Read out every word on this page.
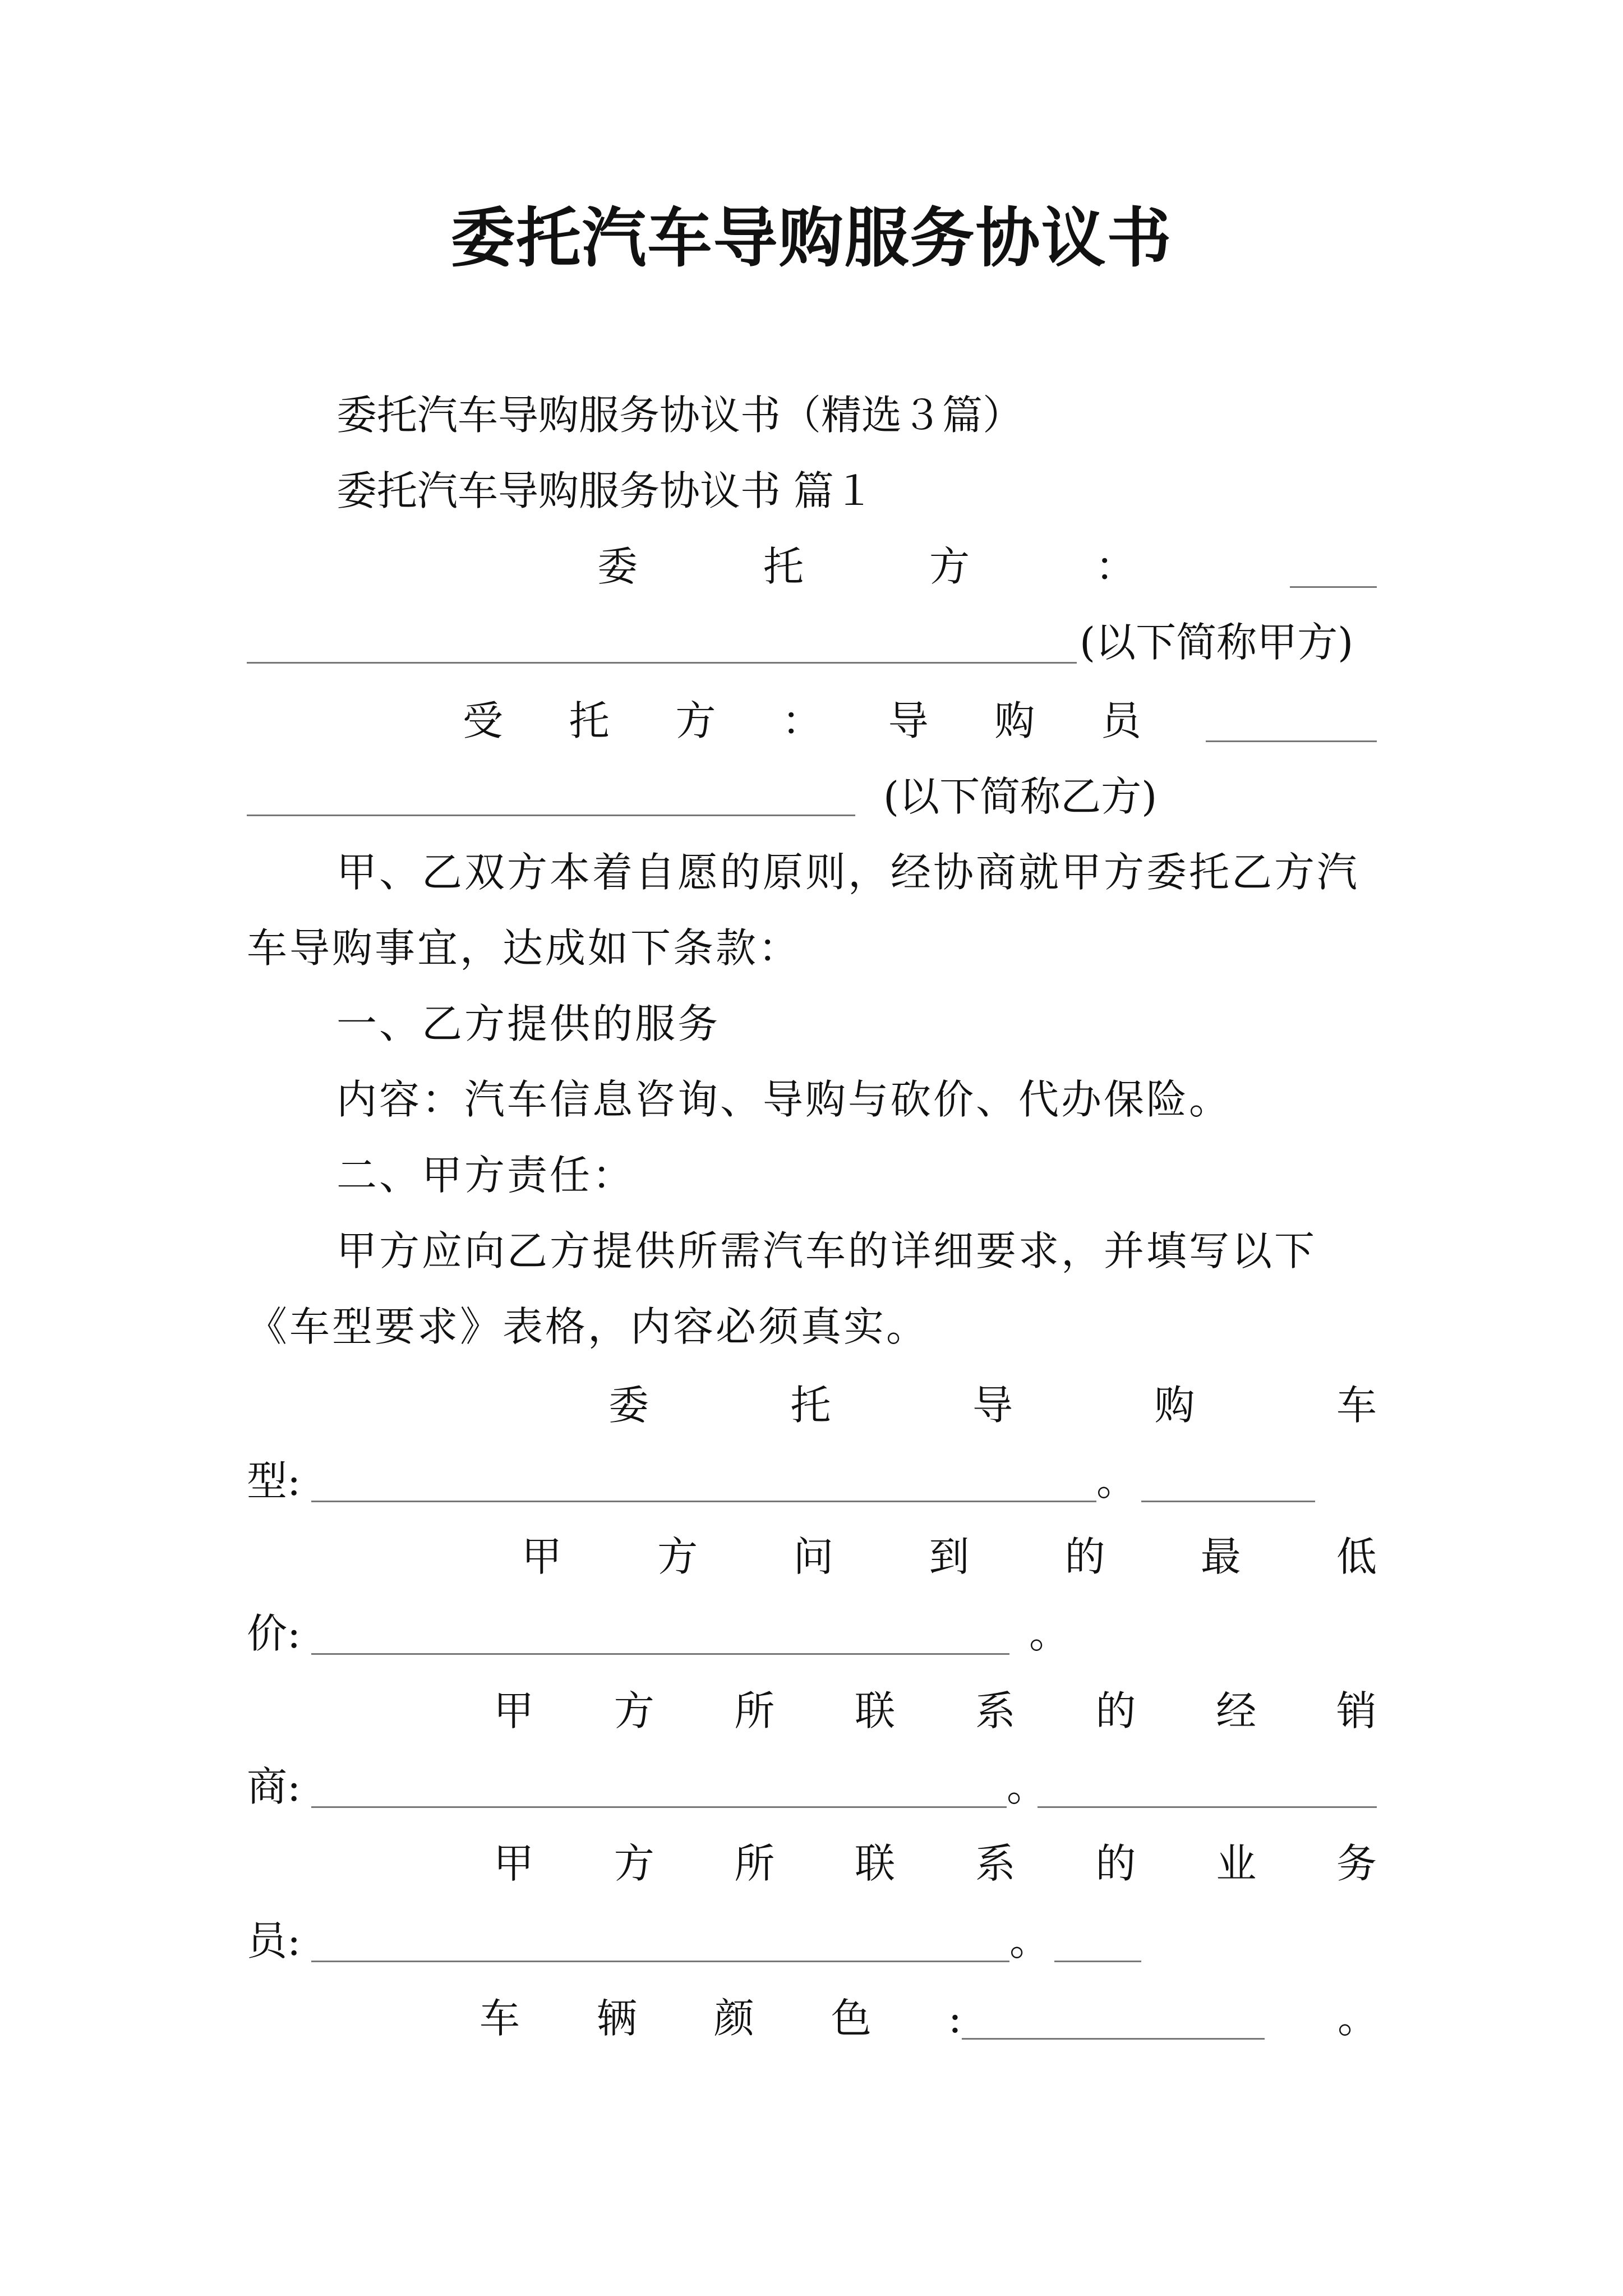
委托汽车导购服务协议书
委托汽车导购服务协议书（精选３篇）
委托汽车导购服务协议书 篇１
委	托	方	：
(以下简称甲方)
受 托 方 ： 导 购 员
(以下简称乙方)
甲、乙双方本着自愿的原则，经协商就甲方委托乙方汽
车导购事宜，达成如下条款：
一、乙方提供的服务
内容：汽车信息咨询、导购与砍价、代办保险。
二、甲方责任：
甲方应向乙方提供所需汽车的详细要求，并填写以下
《车型要求》表格，内容必须真实。
委	托	导	购	车
型:	。
甲 方 问 到 的 最 低
价:	。
甲 方 所 联 系 的 经 销
商:	。
甲 方 所 联 系 的 业 务
员:	。
车 辆 颜 色 :	。
